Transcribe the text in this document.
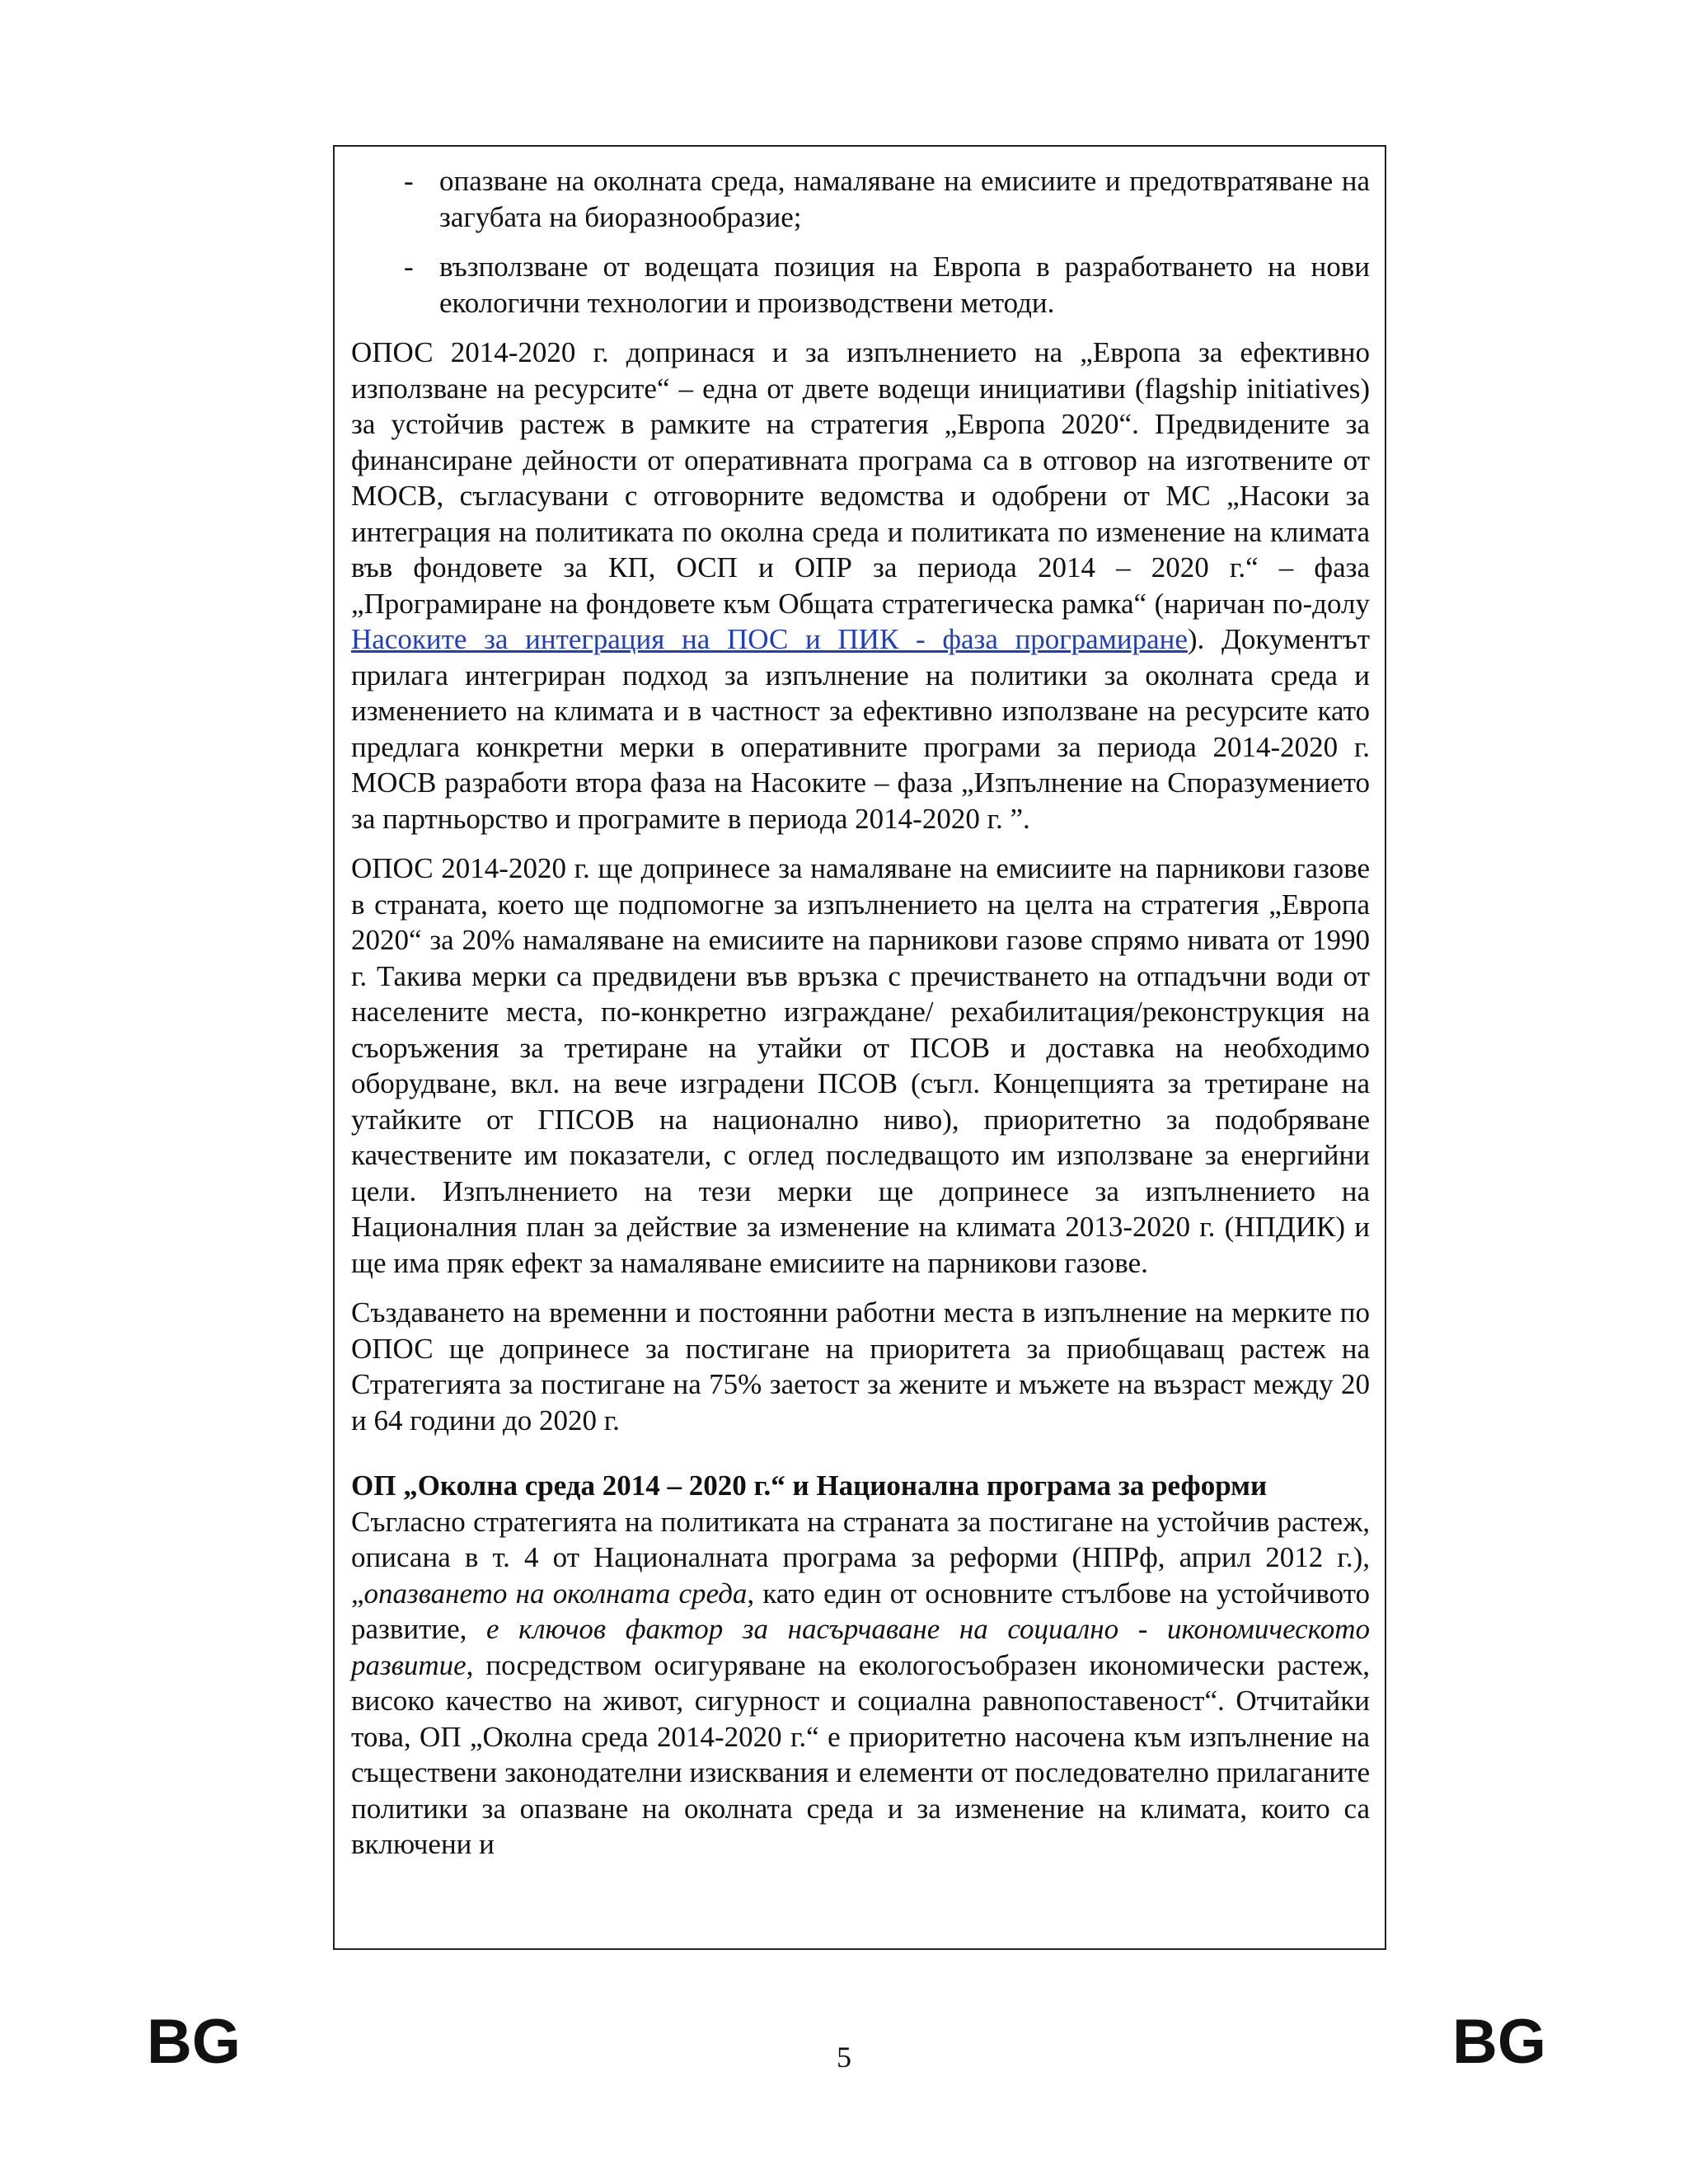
- опазване на околната среда, намаляване на емисиите и предотвратяване на загубата на биоразнообразие;
- възползване от водещата позиция на Европа в разработването на нови екологични технологии и производствени методи.

ОПОС 2014-2020 г. допринася и за изпълнението на „Европа за ефективно използване на ресурсите“ – една от двете водещи инициативи (flagship initiatives) за устойчив растеж в рамките на стратегия „Европа 2020“. Предвидените за финансиране дейности от оперативната програма са в отговор на изготвените от МОСВ, съгласувани с отговорните ведомства и одобрени от МС „Насоки за интеграция на политиката по околна среда и политиката по изменение на климата във фондовете за КП, ОСП и ОПР за периода 2014 – 2020 г.“ – фаза „Програмиране на фондовете към Общата стратегическа рамка“ (наричан по-долу Насоките за интеграция на ПОС и ПИК - фаза програмиране). Документът прилага интегриран подход за изпълнение на политики за околната среда и изменението на климата и в частност за ефективно използване на ресурсите като предлага конкретни мерки в оперативните програми за периода 2014-2020 г. МОСВ разработи втора фаза на Насоките – фаза „Изпълнение на Споразумението за партньорство и програмите в периода 2014-2020 г. ”.

ОПОС 2014-2020 г. ще допринесе за намаляване на емисиите на парникови газове в страната, което ще подпомогне за изпълнението на целта на стратегия „Европа 2020“ за 20% намаляване на емисиите на парникови газове спрямо нивата от 1990 г. Такива мерки са предвидени във връзка с пречистването на отпадъчни води от населените места, по-конкретно изграждане/ рехабилитация/реконструкция на съоръжения за третиране на утайки от ПСОВ и доставка на необходимо оборудване, вкл. на вече изградени ПСОВ (съгл. Концепцията за третиране на утайките от ГПСОВ на национално ниво), приоритетно за подобряване качествените им показатели, с оглед последващото им използване за енергийни цели. Изпълнението на тези мерки ще допринесе за изпълнението на Националния план за действие за изменение на климата 2013-2020 г. (НПДИК) и ще има пряк ефект за намаляване емисиите на парникови газове.

Създаването на временни и постоянни работни места в изпълнение на мерките по ОПОС ще допринесе за постигане на приоритета за приобщаващ растеж на Стратегията за постигане на 75% заетост за жените и мъжете на възраст между 20 и 64 години до 2020 г.

ОП „Околна среда 2014 – 2020 г.“ и Национална програма за реформи

Съгласно стратегията на политиката на страната за постигане на устойчив растеж, описана в т. 4 от Националната програма за реформи (НПРф, април 2012 г.), „опазването на околната среда, като един от основните стълбове на устойчивото развитие, е ключов фактор за насърчаване на социално - икономическото развитие, посредством осигуряване на екологосъобразен икономически растеж, високо качество на живот, сигурност и социална равнопоставеност“. Отчитайки това, ОП „Околна среда 2014-2020 г.“ е приоритетно насочена към изпълнение на съществени законодателни изисквания и елементи от последователно прилаганите политики за опазване на околната среда и за изменение на климата, които са включени и

BG	5	BG
